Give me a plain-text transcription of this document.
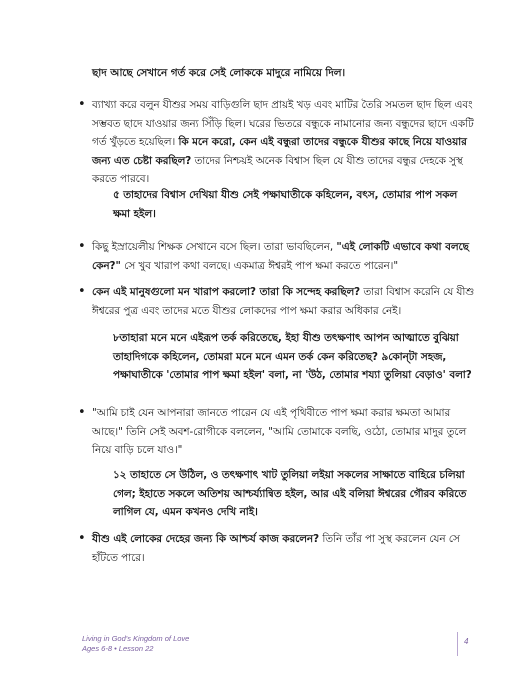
ছাদ আছে সেখানে গর্ত করে সেই লোককে মাদুরে নামিয়ে দিল।

• ব্যাখ্যা করে বলুন যীশুর সময় বাড়িগুলি ছাদ প্রায়ই খড় এবং মাটির তৈরি সমতল ছাদ ছিল এবং সম্ভবত ছাদে যাওয়ার জন্য সিঁড়ি ছিল। ঘরের ভিতরে বন্ধুকে নামানোর জন্য বন্ধুদের ছাদে একটি গর্ত খুঁড়তে হয়েছিল। কি মনে করো, কেন এই বন্ধুরা তাদের বন্ধুকে যীশুর কাছে নিয়ে যাওয়ার জন্য এত চেষ্টা করছিল? তাদের নিশ্চয়ই অনেক বিশ্বাস ছিল যে যীশু তাদের বন্ধুর দেহকে সুস্থ করতে পারবে।

৫ তাহাদের বিশ্বাস দেখিয়া যীশু সেই পক্ষাঘাতীকে কহিলেন, বৎস, তোমার পাপ সকল ক্ষমা হইল।

• কিছু ইস্রায়েলীয় শিক্ষক সেখানে বসে ছিল। তারা ভাবছিলেন, "এই লোকটি এভাবে কথা বলছে কেন?" সে খুব খারাপ কথা বলছে। একমাত্র ঈশ্বরই পাপ ক্ষমা করতে পারেন।"

• কেন এই মানুষগুলো মন খারাপ করলো? তারা কি সন্দেহ করছিল? তারা বিশ্বাস করেনি যে যীশু ঈশ্বরের পুত্র এবং তাদের মতে যীশুর লোকদের পাপ ক্ষমা করার অধিকার নেই।

৮তাহারা মনে মনে এইরূপ তর্ক করিতেছে, ইহা যীশু তৎক্ষণাৎ আপন আত্মাতে বুঝিয়া তাহাদিগকে কহিলেন, তোমরা মনে মনে এমন তর্ক কেন করিতেছ? ৯কোন্‌টা সহজ, পক্ষাঘাতীকে 'তোমার পাপ ক্ষমা হইল' বলা, না 'উঠ, তোমার শয্যা তুলিয়া বেড়াও' বলা?

• "আমি চাই যেন আপনারা জানতে পারেন যে এই পৃথিবীতে পাপ ক্ষমা করার ক্ষমতা আমার আছে।" তিনি সেই অবশ-রোগীকে বললেন, "আমি তোমাকে বলছি, ওঠো, তোমার মাদুর তুলে নিয়ে বাড়ি চলে যাও।"

১২ তাহাতে সে উঠিল, ও তৎক্ষণাৎ খাট তুলিয়া লইয়া সকলের সাক্ষাতে বাহিরে চলিয়া গেল; ইহাতে সকলে অতিশয় আশ্চর্য্যান্বিত হইল, আর এই বলিয়া ঈশ্বরের গৌরব করিতে লাগিল যে, এমন কখনও দেখি নাই।

• যীশু এই লোকের দেহের জন্য কি আশ্চর্য কাজ করলেন? তিনি তাঁর পা সুস্থ করলেন যেন সে হাঁটতে পারে।

Living in God's Kingdom of Love
Ages 6-8 • Lesson 22
4
